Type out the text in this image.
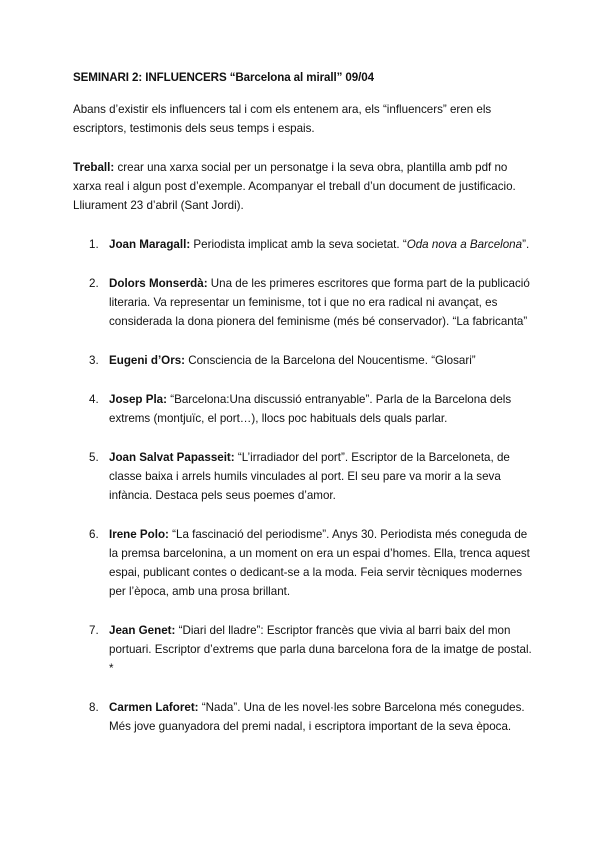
SEMINARI 2: INFLUENCERS “Barcelona al mirall” 09/04
Abans d’existir els influencers tal i com els entenem ara, els “influencers” eren els escriptors, testimonis dels seus temps i espais.
Treball: crear una xarxa social per un personatge i la seva obra, plantilla amb pdf no xarxa real i algun post d’exemple. Acompanyar el treball d’un document de justificacio. Lliurament 23 d’abril (Sant Jordi).
1. Joan Maragall: Periodista implicat amb la seva societat. “Oda nova a Barcelona”.
2. Dolors Monserdà: Una de les primeres escritores que forma part de la publicació literaria. Va representar un feminisme, tot i que no era radical ni avançat, es considerada la dona pionera del feminisme (més bé conservador). “La fabricanta”
3. Eugeni d’Ors: Consciencia de la Barcelona del Noucentisme. “Glosari”
4. Josep Pla: “Barcelona:Una discussió entranyable”. Parla de la Barcelona dels extrems (montjuïc, el port…), llocs poc habituals dels quals parlar.
5. Joan Salvat Papasseit: “L’irradiador del port”. Escriptor de la Barceloneta, de classe baixa i arrels humils vinculades al port. El seu pare va morir a la seva infància. Destaca pels seus poemes d’amor.
6. Irene Polo: “La fascinació del periodisme”. Anys 30. Periodista més coneguda de la premsa barcelonina, a un moment on era un espai d’homes. Ella, trenca aquest espai, publicant contes o dedicant-se a la moda. Feia servir tècniques modernes per l’època, amb una prosa brillant.
7. Jean Genet: “Diari del lladre”: Escriptor francès que vivia al barri baix del mon portuari. Escriptor d’extrems que parla duna barcelona fora de la imatge de postal. *
8. Carmen Laforet: “Nada”. Una de les novel·les sobre Barcelona més conegudes. Més jove guanyadora del premi nadal, i escriptora important de la seva època.
